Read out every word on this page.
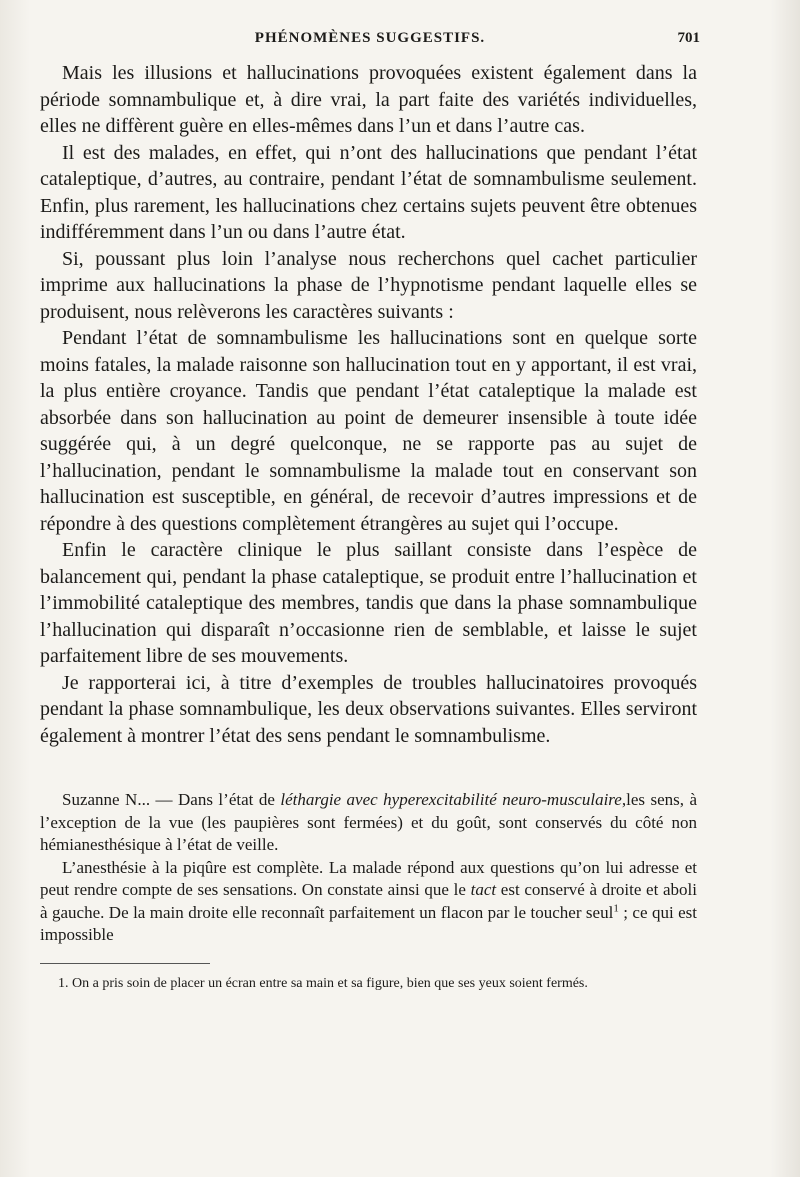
PHÉNOMÈNES SUGGESTIFS.	701

Mais les illusions et hallucinations provoquées existent également dans la période somnambulique et, à dire vrai, la part faite des variétés individuelles, elles ne diffèrent guère en elles-mêmes dans l’un et dans l’autre cas.

Il est des malades, en effet, qui n’ont des hallucinations que pendant l’état cataleptique, d’autres, au contraire, pendant l’état de somnambulisme seulement. Enfin, plus rarement, les hallucinations chez certains sujets peuvent être obtenues indifféremment dans l’un ou dans l’autre état.

Si, poussant plus loin l’analyse nous recherchons quel cachet particulier imprime aux hallucinations la phase de l’hypnotisme pendant laquelle elles se produisent, nous relèverons les caractères suivants :

Pendant l’état de somnambulisme les hallucinations sont en quelque sorte moins fatales, la malade raisonne son hallucination tout en y apportant, il est vrai, la plus entière croyance. Tandis que pendant l’état cataleptique la malade est absorbée dans son hallucination au point de demeurer insensible à toute idée suggérée qui, à un degré quelconque, ne se rapporte pas au sujet de l’hallucination, pendant le somnambulisme la malade tout en conservant son hallucination est susceptible, en général, de recevoir d’autres impressions et de répondre à des questions complètement étrangères au sujet qui l’occupe.

Enfin le caractère clinique le plus saillant consiste dans l’espèce de balancement qui, pendant la phase cataleptique, se produit entre l’hallucination et l’immobilité cataleptique des membres, tandis que dans la phase somnambulique l’hallucination qui disparaît n’occasionne rien de semblable, et laisse le sujet parfaitement libre de ses mouvements.

Je rapporterai ici, à titre d’exemples de troubles hallucinatoires provoqués pendant la phase somnambulique, les deux observations suivantes. Elles serviront également à montrer l’état des sens pendant le somnambulisme.

Suzanne N... — Dans l’état de léthargie avec hyperexcitabilité neuro-musculaire,les sens, à l’exception de la vue (les paupières sont fermées) et du goût, sont conservés du côté non hémianesthésique à l’état de veille.

L’anesthésie à la piqûre est complète. La malade répond aux questions qu’on lui adresse et peut rendre compte de ses sensations. On constate ainsi que le tact est conservé à droite et aboli à gauche. De la main droite elle reconnaît parfaitement un flacon par le toucher seul$^1$ ; ce qui est impossible

1. On a pris soin de placer un écran entre sa main et sa figure, bien que ses yeux soient fermés.
